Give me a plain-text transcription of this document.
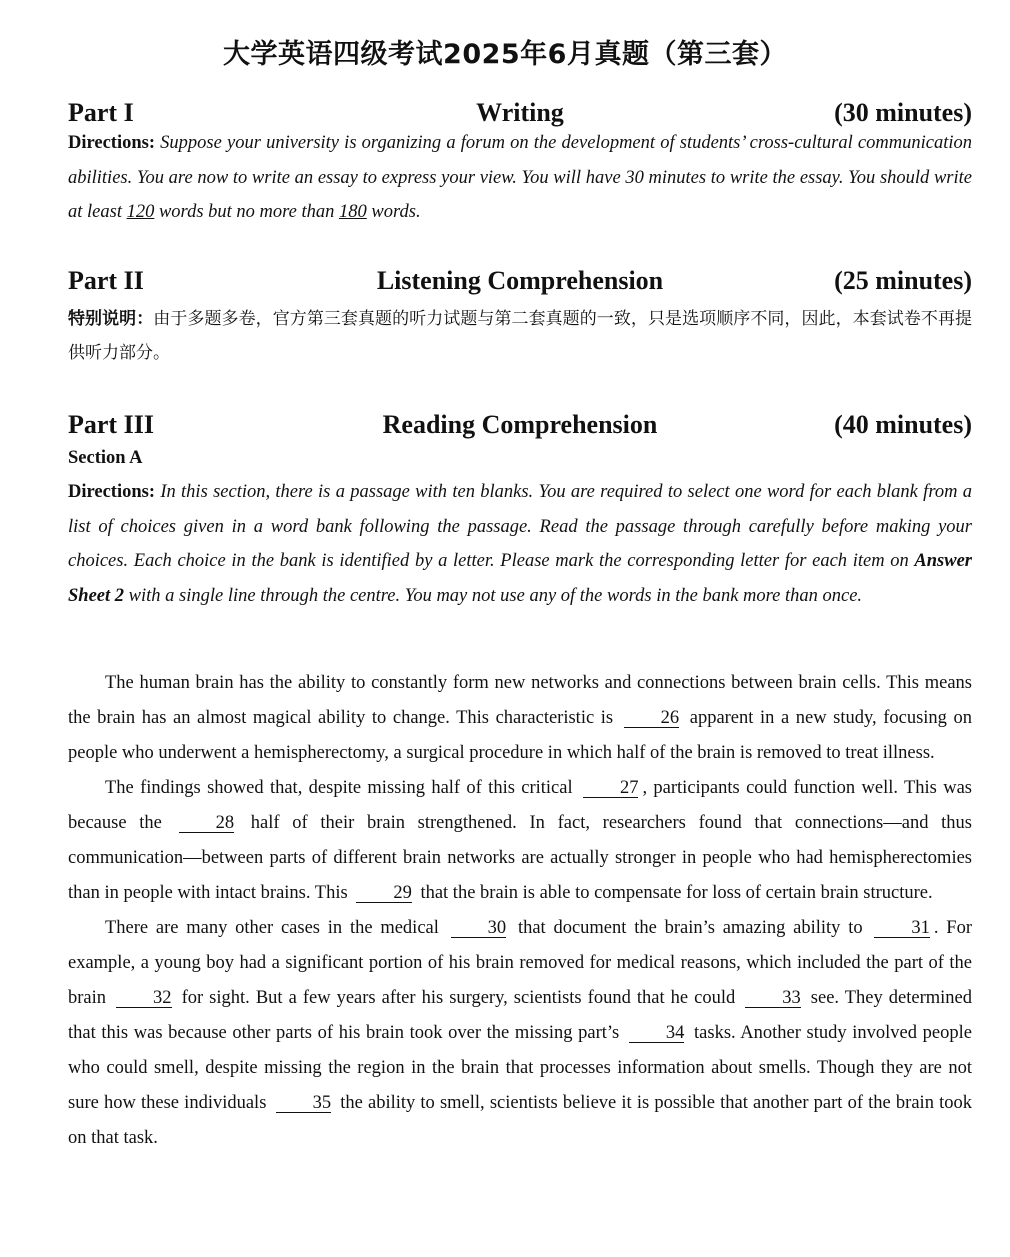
大学英语四级考试2025年6月真题（第三套）
Writing
Part I	(30 minutes)
Directions: Suppose your university is organizing a forum on the development of students’ cross-cultural communication abilities. You are now to write an essay to express your view. You will have 30 minutes to write the essay. You should write at least 120 words but no more than 180 words.
Listening Comprehension
Part II	(25 minutes)
特别说明：由于多题多卷，官方第三套真题的听力试题与第二套真题的一致，只是选项顺序不同，因此，本套试卷不再提供听力部分。
Reading Comprehension
Part III	(40 minutes)
Section A
Directions: In this section, there is a passage with ten blanks. You are required to select one word for each blank from a list of choices given in a word bank following the passage. Read the passage through carefully before making your choices. Each choice in the bank is identified by a letter. Please mark the corresponding letter for each item on Answer Sheet 2 with a single line through the centre. You may not use any of the words in the bank more than once.

The human brain has the ability to constantly form new networks and connections between brain cells. This means the brain has an almost magical ability to change. This characteristic is 26 apparent in a new study, focusing on people who underwent a hemispherectomy, a surgical procedure in which half of the brain is removed to treat illness.

The findings showed that, despite missing half of this critical 27 , participants could function well. This was because the 28 half of their brain strengthened. In fact, researchers found that connections—and thus communication—between parts of different brain networks are actually stronger in people who had hemispherectomies than in people with intact brains. This 29 that the brain is able to compensate for loss of certain brain structure.

There are many other cases in the medical 30 that document the brain’s amazing ability to 31 . For example, a young boy had a significant portion of his brain removed for medical reasons, which included the part of the brain 32 for sight. But a few years after his surgery, scientists found that he could 33 see. They determined that this was because other parts of his brain took over the missing part’s 34 tasks. Another study involved people who could smell, despite missing the region in the brain that processes information about smells. Though they are not sure how these individuals 35 the ability to smell, scientists believe it is possible that another part of the brain took on that task.
